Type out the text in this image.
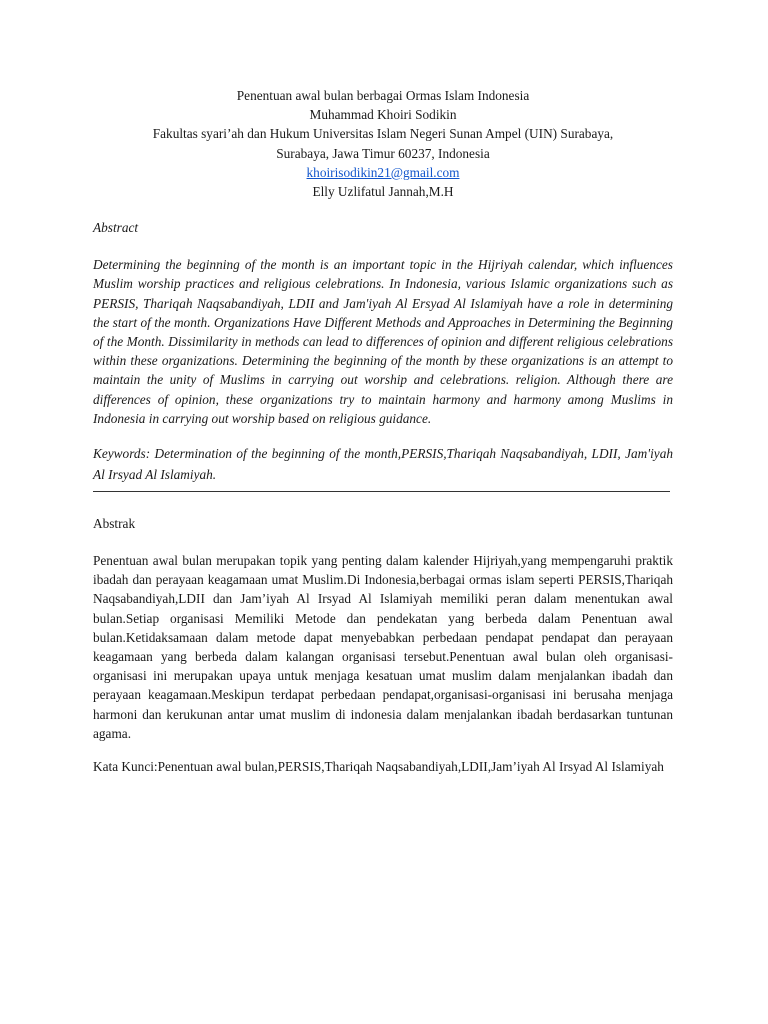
Penentuan awal bulan berbagai Ormas Islam Indonesia
Muhammad Khoiri Sodikin
Fakultas syari’ah dan Hukum Universitas Islam Negeri Sunan Ampel (UIN) Surabaya,
Surabaya, Jawa Timur 60237, Indonesia
khoirisodikin21@gmail.com
Elly Uzlifatul Jannah,M.H
Abstract
Determining the beginning of the month is an important topic in the Hijriyah calendar, which influences Muslim worship practices and religious celebrations. In Indonesia, various Islamic organizations such as PERSIS, Thariqah Naqsabandiyah, LDII and Jam'iyah Al Ersyad Al Islamiyah have a role in determining the start of the month. Organizations Have Different Methods and Approaches in Determining the Beginning of the Month. Dissimilarity in methods can lead to differences of opinion and different religious celebrations within these organizations. Determining the beginning of the month by these organizations is an attempt to maintain the unity of Muslims in carrying out worship and celebrations. religion. Although there are differences of opinion, these organizations try to maintain harmony and harmony among Muslims in Indonesia in carrying out worship based on religious guidance.
Keywords: Determination of the beginning of the month,PERSIS,Thariqah Naqsabandiyah, LDII, Jam'iyah Al Irsyad Al Islamiyah.
Abstrak
Penentuan awal bulan merupakan topik yang penting dalam kalender Hijriyah,yang mempengaruhi praktik ibadah dan perayaan keagamaan umat Muslim.Di Indonesia,berbagai ormas islam seperti PERSIS,Thariqah Naqsabandiyah,LDII dan Jam’iyah Al Irsyad Al Islamiyah memiliki peran dalam menentukan awal bulan.Setiap organisasi Memiliki Metode dan pendekatan yang berbeda dalam Penentuan awal bulan.Ketidaksamaan dalam metode dapat menyebabkan perbedaan pendapat pendapat dan perayaan keagamaan yang berbeda dalam kalangan organisasi tersebut.Penentuan awal bulan oleh organisasi-organisasi ini merupakan upaya untuk menjaga kesatuan umat muslim dalam menjalankan ibadah dan perayaan keagamaan.Meskipun terdapat perbedaan pendapat,organisasi-organisasi ini berusaha menjaga harmoni dan kerukunan antar umat muslim di indonesia dalam menjalankan ibadah berdasarkan tuntunan agama.
Kata Kunci:Penentuan awal bulan,PERSIS,Thariqah Naqsabandiyah,LDII,Jam’iyah Al Irsyad Al Islamiyah
